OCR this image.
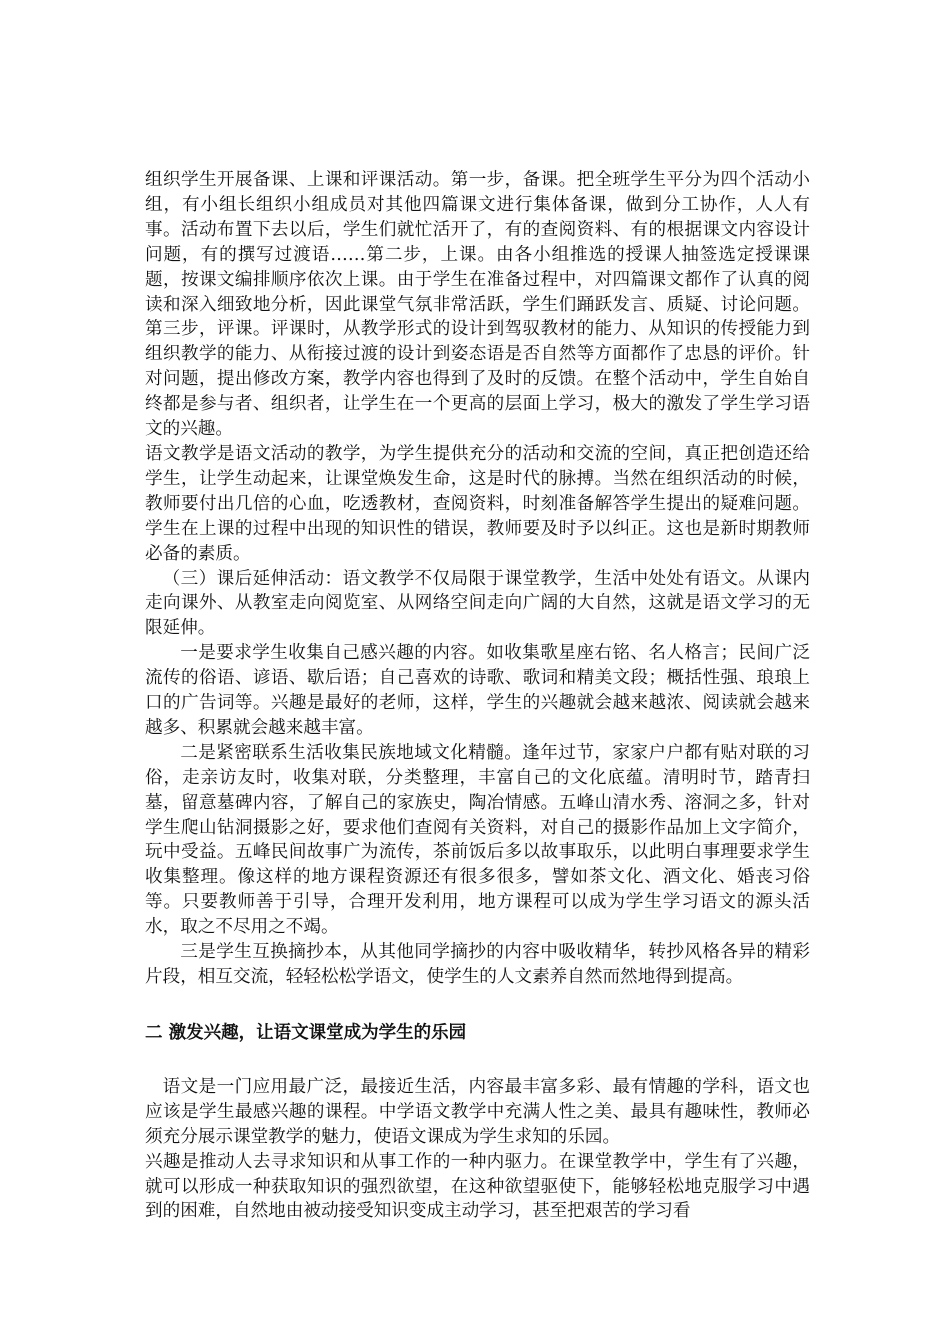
组织学生开展备课、上课和评课活动。第一步，备课。把全班学生平分为四个活动小组，有小组长组织小组成员对其他四篇课文进行集体备课，做到分工协作，人人有事。活动布置下去以后，学生们就忙活开了，有的查阅资料、有的根据课文内容设计问题，有的撰写过渡语……第二步，上课。由各小组推选的授课人抽签选定授课课题，按课文编排顺序依次上课。由于学生在准备过程中，对四篇课文都作了认真的阅读和深入细致地分析，因此课堂气氛非常活跃，学生们踊跃发言、质疑、讨论问题。第三步，评课。评课时，从教学形式的设计到驾驭教材的能力、从知识的传授能力到组织教学的能力、从衔接过渡的设计到姿态语是否自然等方面都作了忠恳的评价。针对问题，提出修改方案，教学内容也得到了及时的反馈。在整个活动中，学生自始自终都是参与者、组织者，让学生在一个更高的层面上学习，极大的激发了学生学习语文的兴趣。

语文教学是语文活动的教学，为学生提供充分的活动和交流的空间，真正把创造还给学生，让学生动起来，让课堂焕发生命，这是时代的脉搏。当然在组织活动的时候，教师要付出几倍的心血，吃透教材，查阅资料，时刻准备解答学生提出的疑难问题。学生在上课的过程中出现的知识性的错误，教师要及时予以纠正。这也是新时期教师必备的素质。

（三）课后延伸活动：语文教学不仅局限于课堂教学，生活中处处有语文。从课内走向课外、从教室走向阅览室、从网络空间走向广阔的大自然，这就是语文学习的无限延伸。

一是要求学生收集自己感兴趣的内容。如收集歌星座右铭、名人格言；民间广泛流传的俗语、谚语、歇后语；自己喜欢的诗歌、歌词和精美文段；概括性强、琅琅上口的广告词等。兴趣是最好的老师，这样，学生的兴趣就会越来越浓、阅读就会越来越多、积累就会越来越丰富。

二是紧密联系生活收集民族地域文化精髓。逢年过节，家家户户都有贴对联的习俗，走亲访友时，收集对联，分类整理，丰富自己的文化底蕴。清明时节，踏青扫墓，留意墓碑内容，了解自己的家族史，陶冶情感。五峰山清水秀、溶洞之多，针对学生爬山钻洞摄影之好，要求他们查阅有关资料，对自己的摄影作品加上文字简介，玩中受益。五峰民间故事广为流传，茶前饭后多以故事取乐，以此明白事理要求学生收集整理。像这样的地方课程资源还有很多很多，譬如茶文化、酒文化、婚丧习俗等。只要教师善于引导，合理开发利用，地方课程可以成为学生学习语文的源头活水，取之不尽用之不竭。

三是学生互换摘抄本，从其他同学摘抄的内容中吸收精华，转抄风格各异的精彩片段，相互交流，轻轻松松学语文，使学生的人文素养自然而然地得到提高。

二 激发兴趣，让语文课堂成为学生的乐园

语文是一门应用最广泛，最接近生活，内容最丰富多彩、最有情趣的学科，语文也应该是学生最感兴趣的课程。中学语文教学中充满人性之美、最具有趣味性，教师必须充分展示课堂教学的魅力，使语文课成为学生求知的乐园。

兴趣是推动人去寻求知识和从事工作的一种内驱力。在课堂教学中，学生有了兴趣，就可以形成一种获取知识的强烈欲望，在这种欲望驱使下，能够轻松地克服学习中遇到的困难，自然地由被动接受知识变成主动学习，甚至把艰苦的学习看
